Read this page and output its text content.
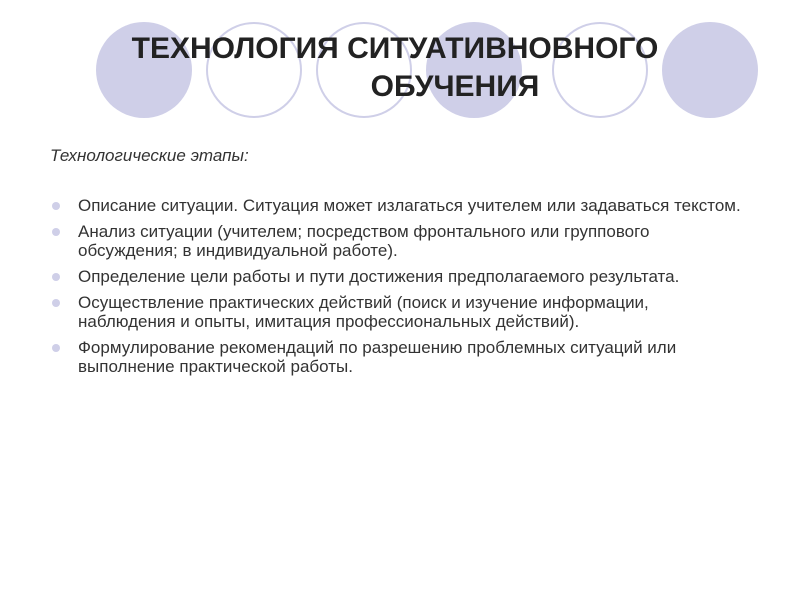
ТЕХНОЛОГИЯ СИТУАТИВНОВНОГО
ОБУЧЕНИЯ

Технологические этапы:

Описание ситуации. Ситуация может излагаться учителем или задаваться текстом.
Анализ ситуации (учителем; посредством фронтального или группового обсуждения; в индивидуальной работе).
Определение цели работы и пути достижения предполагаемого результата.
Осуществление практических действий (поиск и изучение информации, наблюдения и опыты, имитация профессиональных действий).
Формулирование рекомендаций по разрешению проблемных ситуаций или выполнение практической работы.
